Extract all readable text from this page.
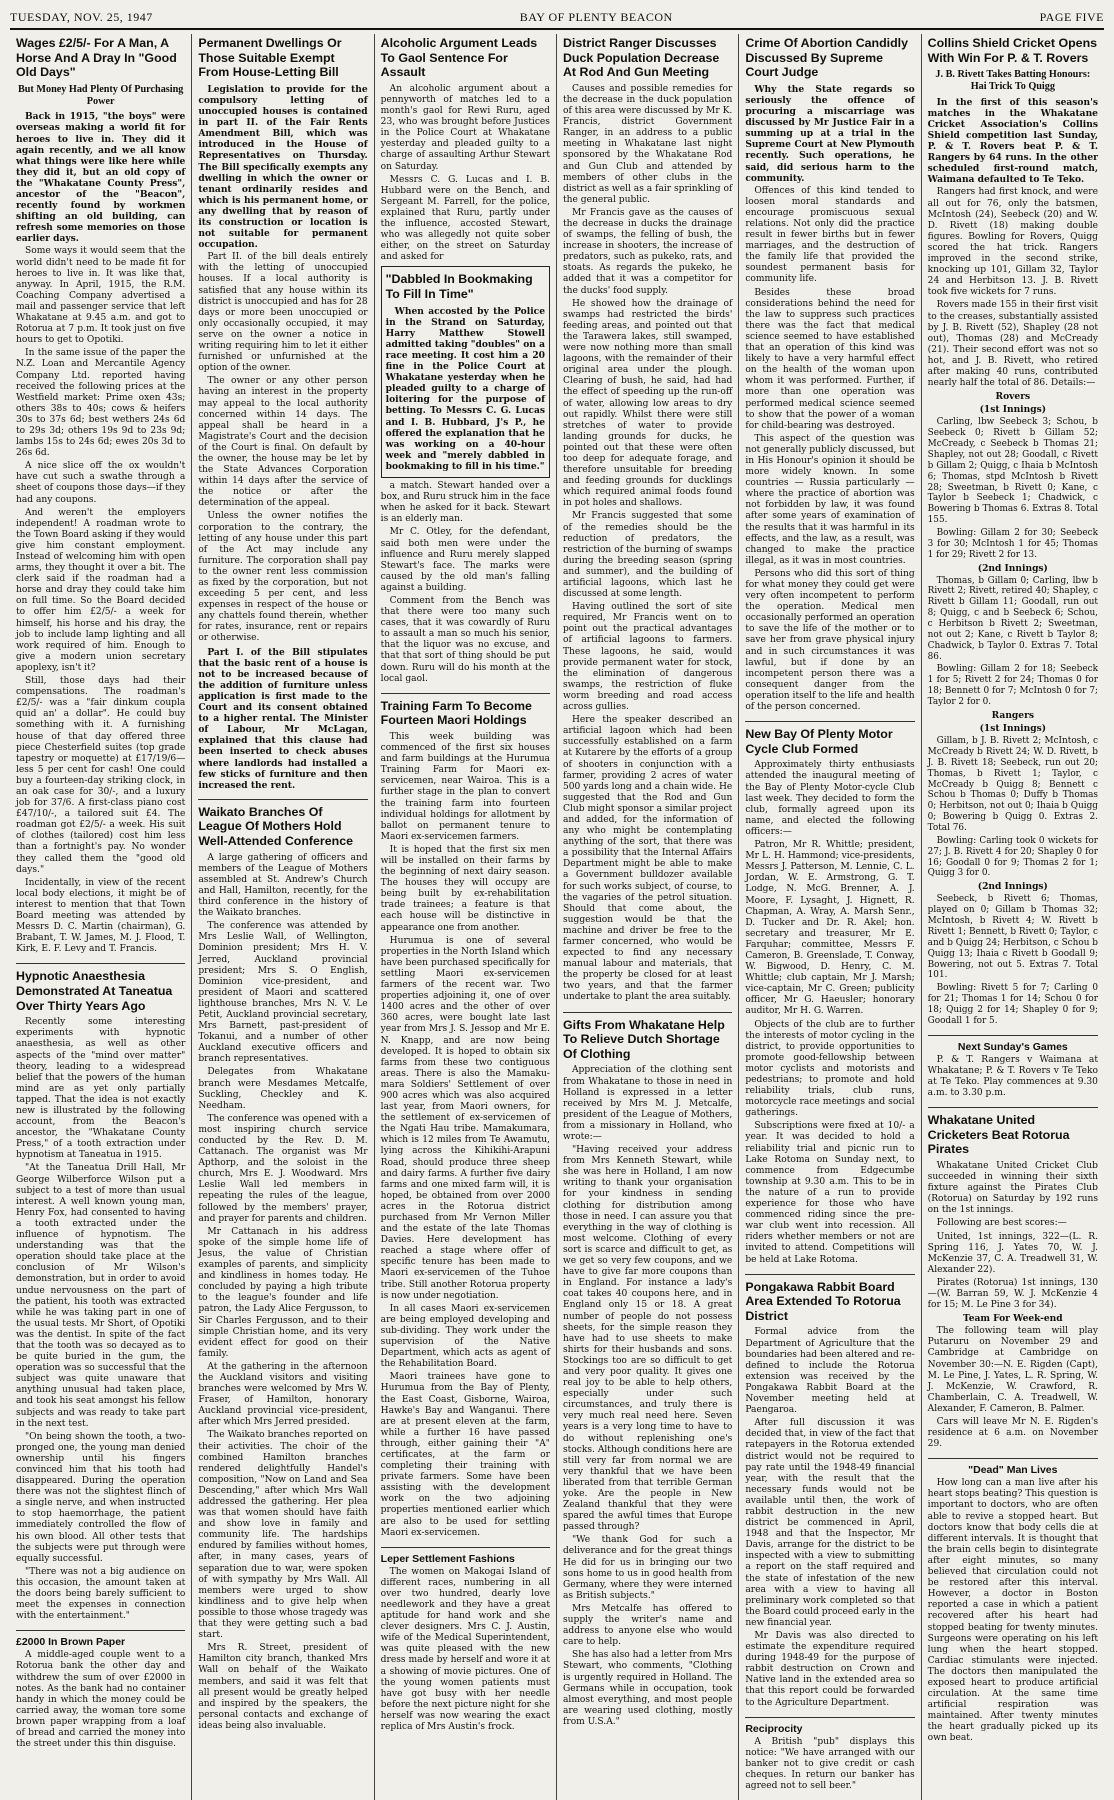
TUESDAY, NOV. 25, 1947	BAY OF PLENTY BEACON	PAGE FIVE
Wages £2/5/- For A Man, A Horse And A Dray In "Good Old Days"
But Money Had Plenty Of Purchasing Power

Back in 1915, "the boys" were overseas making a world fit for heroes to live in. They did it again recently, and we all know what things were like here while they did it, but an old copy of the "Whakatane County Press", ancestor of the "Beacon", recently found by workmen shifting an old building, can refresh some memories on those earlier days.

Some ways it would seem that the world didn't need to be made fit for heroes to live in. It was like that, anyway. In April, 1915, the R.M. Coaching Company advertised a mail and passenger service that left Whakatane at 9.45 a.m. and got to Rotorua at 7 p.m. It took just on five hours to get to Opotiki.

In the same issue of the paper the N.Z. Loan and Mercantile Agency Company Ltd. reported having received the following prices at the Westfield market: Prime oxen 43s; others 38s to 40s; cows & heifers 30s to 37s 6d; best wethers 24s 6d to 29s 3d; others 19s 9d to 23s 9d; lambs 15s to 24s 6d; ewes 20s 3d to 26s 6d.

A nice slice off the ox wouldn't have cut such a swathe through a sheet of coupons those days—if they had any coupons.

And weren't the employers independent! A roadman wrote to the Town Board asking if they would give him constant employment. Instead of welcoming him with open arms, they thought it over a bit. The clerk said if the roadman had a horse and dray they could take him on full time. So the Board decided to offer him £2/5/- a week for himself, his horse and his dray, the job to include lamp lighting and all work required of him. Enough to give a modern union secretary apoplexy, isn't it?

Still, those days had their compensations. The roadman's £2/5/- was a "fair dinkum coupla quid an' a dollar". He could buy something with it. A furnishing house of that day offered three piece Chesterfield suites (top grade tapestry or moquette) at £17/19/6—less 5 per cent for cash! One could buy a fourteen-day striking clock, in an oak case for 30/-, and a luxury job for 37/6. A first-class piano cost £47/10/-, a tailored suit £4. The roadman got £2/5/- a week. His suit of clothes (tailored) cost him less than a fortnight's pay. No wonder they called them the "good old days."

Incidentally, in view of the recent local body elections, it might be of interest to mention that that Town Board meeting was attended by Messrs D. C. Martin (chairman), G. Brabant, T. W. James, M. J. Flood, T. Kirk, E. F. Levy and T. Francis.

Hypnotic Anaesthesia Demonstrated At Taneatua Over Thirty Years Ago

Recently some interesting experiments with hypnotic anaesthesia, as well as other aspects of the "mind over matter" theory, leading to a widespread belief that the powers of the human mind are as yet only partially tapped. That the idea is not exactly new is illustrated by the following account, from the Beacon's ancestor, the "Whakatane County Press," of a tooth extraction under hypnotism at Taneatua in 1915.

"At the Taneatua Drill Hall, Mr George Wilberforce Wilson put a subject to a test of more than usual interest. A well known young man, Henry Fox, had consented to having a tooth extracted under the influence of hypnotism. The understanding was that the operation should take place at the conclusion of Mr Wilson's demonstration, but in order to avoid undue nervousness on the part of the patient, his tooth was extracted while he was taking part in one of the usual tests. Mr Short, of Opotiki was the dentist. In spite of the fact that the tooth was so decayed as to be quite buried in the gum, the operation was so successful that the subject was quite unaware that anything unusual had taken place, and took his seat amongst his fellow subjects and was ready to take part in the next test.

"On being shown the tooth, a two-pronged one, the young man denied ownership until his fingers convinced him that his tooth had disappeared. During the operation there was not the slightest flinch of a single nerve, and when instructed to stop haemorrhage, the patient immediately controlled the flow of his own blood. All other tests that the subjects were put through were equally successful.

"There was not a big audience on this occasion, the amount taken at the doors being barely sufficient to meet the expenses in connection with the entertainment."

£2000 In Brown Paper

A middle-aged couple went to a Rotorua bank the other day and withdrew the sum of over £2000 in notes. As the bank had no container handy in which the money could be carried away, the woman tore some brown paper wrapping from a loaf of bread and carried the money into the street under this thin disguise.

Permanent Dwellings Or Those Suitable Exempt From House-Letting Bill

Legislation to provide for the compulsory letting of unoccupied houses is contained in part II. of the Fair Rents Amendment Bill, which was introduced in the House of Representatives on Thursday. The Bill specifically exempts any dwelling in which the owner or tenant ordinarily resides and which is his permanent home, or any dwelling that by reason of its construction or location is not suitable for permanent occupation.

Part II. of the bill deals entirely with the letting of unoccupied houses. If a local authority is satisfied that any house within its district is unoccupied and has for 28 days or more been unoccupied or only occasionally occupied, it may serve on the owner a notice in writing requiring him to let it either furnished or unfurnished at the option of the owner.

The owner or any other person having an interest in the property may appeal to the local authority concerned within 14 days. The appeal shall be heard in a Magistrate's Court and the decision of the Court is final. On default by the owner, the house may be let by the State Advances Corporation within 14 days after the service of the notice or after the determination of the appeal.

Unless the owner notifies the corporation to the contrary, the letting of any house under this part of the Act may include any furniture. The corporation shall pay to the owner rent less commission as fixed by the corporation, but not exceeding 5 per cent, and less expenses in respect of the house or any chattels found therein, whether for rates, insurance, rent or repairs or otherwise.

Part I. of the Bill stipulates that the basic rent of a house is not to be increased because of the addition of furniture unless application is first made to the Court and its consent obtained to a higher rental. The Minister of Labour, Mr McLagan, explained that this clause had been inserted to check abuses where landlords had installed a few sticks of furniture and then increased the rent.

Waikato Branches Of League Of Mothers Hold Well-Attended Conference

A large gathering of officers and members of the League of Mothers assembled at St. Andrew's Church and Hall, Hamilton, recently, for the third conference in the history of the Waikato branches.

The conference was attended by Mrs Leslie Wall, of Wellington, Dominion president; Mrs H. V. Jerred, Auckland provincial president; Mrs S. O English, Dominion vice-president, and president of Maori and scattered lighthouse branches, Mrs N. V. Le Petit, Auckland provincial secretary, Mrs Barnett, past-president of Tokanui, and a number of other Auckland executive officers and branch representatives.

Delegates from Whakatane branch were Mesdames Metcalfe, Suckling, Checkley and K. Needham.

The conference was opened with a most inspiring church service conducted by the Rev. D. M. Cattanach. The organist was Mr Apthorp, and the soloist in the church, Mrs E. J. Woodward. Mrs Leslie Wall led members in repeating the rules of the league, followed by the members' prayer, and prayer for parents and children.

Mr Cattanach in his address spoke of the simple home life of Jesus, the value of Christian examples of parents, and simplicity and kindliness in homes today. He concluded by paying a high tribute to the league's founder and life patron, the Lady Alice Fergusson, to Sir Charles Fergusson, and to their simple Christian home, and its very evident effect for good on their family.

At the gathering in the afternoon the Auckland visitors and visiting branches were welcomed by Mrs W. Fraser, of Hamilton, honorary Auckland provincial vice-president, after which Mrs Jerred presided.

The Waikato branches reported on their activities. The choir of the combined Hamilton branches rendered delightfully Handel's composition, "Now on Land and Sea Descending," after which Mrs Wall addressed the gathering. Her plea was that women should have faith and show love in family and community life. The hardships endured by families without homes, after, in many cases, years of separation due to war, were spoken of with sympathy by Mrs Wall. All members were urged to show kindliness and to give help when possible to those whose tragedy was that they were getting such a bad start.

Mrs R. Street, president of Hamilton city branch, thanked Mrs Wall on behalf of the Waikato members, and said it was felt that all present would be greatly helped and inspired by the speakers, the personal contacts and exchange of ideas being also invaluable.

Alcoholic Argument Leads To Gaol Sentence For Assault

An alcoholic argument about a pennyworth of matches led to a month's gaol for Rewi Ruru, aged 23, who was brought before Justices in the Police Court at Whakatane yesterday and pleaded guilty to a charge of assaulting Arthur Stewart on Saturday.

Messrs C. G. Lucas and I. B. Hubbard were on the Bench, and Sergeant M. Farrell, for the police, explained that Ruru, partly under the influence, accosted Stewart, who was allegedly not quite sober either, on the street on Saturday and asked for

"Dabbled In Bookmaking To Fill In Time"

When accosted by the Police in the Strand on Saturday, Harry Matthew Stowell admitted taking "doubles" on a race meeting. It cost him a 20 fine in the Police Court at Whakatane yesterday when he pleaded guilty to a charge of loitering for the purpose of betting. To Messrs C. G. Lucas and I. B. Hubbard, J's P., he offered the explanation that he was working on a 40-hour week and "merely dabbled in bookmaking to fill in his time."

a match. Stewart handed over a box, and Ruru struck him in the face when he asked for it back. Stewart is an elderly man.

Mr C. Otley, for the defendant, said both men were under the influence and Ruru merely slapped Stewart's face. The marks were caused by the old man's falling against a building.

Comment from the Bench was that there were too many such cases, that it was cowardly of Ruru to assault a man so much his senior, that the liquor was no excuse, and that that sort of thing should be put down. Ruru will do his month at the local gaol.

Training Farm To Become Fourteen Maori Holdings

This week building was commenced of the first six houses and farm buildings at the Hurumua Training Farm for Maori ex-servicemen, near Wairoa. This is a further stage in the plan to convert the training farm into fourteen individual holdings for allotment by ballot on permanent tenure to Maori ex-servicemen farmers.

It is hoped that the first six men will be installed on their farms by the beginning of next dairy season. The houses they will occupy are being built by ex-rehabilitation trade trainees; a feature is that each house will be distinctive in appearance one from another.

Hurumua is one of several properties in the North Island which have been purchased specifically for settling Maori ex-servicemen farmers of the recent war. Two properties adjoining it, one of over 1400 acres and the other of over 360 acres, were bought late last year from Mrs J. S. Jessop and Mr E. N. Knapp, and are now being developed. It is hoped to obtain six farms from these two contiguous areas. There is also the Mamaku-mara Soldiers' Settlement of over 900 acres which was also acquired last year, from Maori owners, for the settlement of ex-servicemen of the Ngati Hau tribe. Mamakumara, which is 12 miles from Te Awamutu, lying across the Kihikihi-Arapuni Road, should produce three sheep and dairy farms. A further five dairy farms and one mixed farm will, it is hoped, be obtained from over 2000 acres in the Rotorua district purchased from Mr Vernon Miller and the estate of the late Thomas Davies. Here development has reached a stage where offer of specific tenure has been made to Maori ex-servicemen of the Tuhoe tribe. Still another Rotorua property is now under negotiation.

In all cases Maori ex-servicemen are being employed developing and sub-dividing. They work under the supervision of the Native Department, which acts as agent of the Rehabilitation Board.

Maori trainees have gone to Hurumua from the Bay of Plenty, the East Coast, Gisborne, Wairoa, Hawke's Bay and Wanganui. There are at present eleven at the farm, while a further 16 have passed through, either gaining their "A" certificates, at the farm or completing their training with private farmers. Some have been assisting with the development work on the two adjoining properties mentioned earlier which are also to be used for settling Maori ex-servicemen.

Leper Settlement Fashions

The women on Makogai Island of different races, numbering in all over two hundred, dearly love needlework and they have a great aptitude for hand work and she clever designers. Mrs C. J. Austin, wife of the Medical Superintendent, was quite pleased with the new dress made by herself and wore it at a showing of movie pictures. One of the young women patients must have got busy with her needle before the next picture night for she herself was now wearing the exact replica of Mrs Austin's frock.

District Ranger Discusses Duck Population Decrease At Rod And Gun Meeting

Causes and possible remedies for the decrease in the duck population of this area were discussed by Mr K. Francis, district Government Ranger, in an address to a public meeting in Whakatane last night sponsored by the Whakatane Rod and Gun Club and attended by members of other clubs in the district as well as a fair sprinkling of the general public.

Mr Francis gave as the causes of the decrease in ducks the drainage of swamps, the felling of bush, the increase in shooters, the increase of predators, such as pukeko, rats, and stoats. As regards the pukeko, he added that it was a competitor for the ducks' food supply.

He showed how the drainage of swamps had restricted the birds' feeding areas, and pointed out that the Tarawera lakes, still swamped, were now nothing more than small lagoons, with the remainder of their original area under the plough. Clearing of bush, he said, had had the effect of speeding up the run-off of water, allowing low areas to dry out rapidly. Whilst there were still stretches of water to provide landing grounds for ducks, he pointed out that these were often too deep for adequate forage, and therefore unsuitable for breeding and feeding grounds for ducklings which required animal foods found in pot holes and shallows.

Mr Francis suggested that some of the remedies should be the reduction of predators, the restriction of the burning of swamps during the breeding season (spring and summer), and the building of artificial lagoons, which last he discussed at some length.

Having outlined the sort of site required, Mr Francis went on to point out the practical advantages of artificial lagoons to farmers. These lagoons, he said, would provide permanent water for stock, the elimination of dangerous swamps, the restriction of fluke worm breeding and road access across gullies.

Here the speaker described an artificial lagoon which had been successfully established on a farm at Kutarere by the efforts of a group of shooters in conjunction with a farmer, providing 2 acres of water 500 yards long and a chain wide. He suggested that the Rod and Gun Club might sponsor a similar project and added, for the information of any who might be contemplating anything of the sort, that there was a possibility that the Internal Affairs Department might be able to make a Government bulldozer available for such works subject, of course, to the vagaries of the petrol situation. Should that come about, the suggestion would be that the machine and driver be free to the farmer concerned, who would be expected to find any necessary manual labour and materials, that the property be closed for at least two years, and that the farmer undertake to plant the area suitably.

Gifts From Whakatane Help To Relieve Dutch Shortage Of Clothing

Appreciation of the clothing sent from Whakatane to those in need in Holland is expressed in a letter received by Mrs M. J. Metcalfe, president of the League of Mothers, from a missionary in Holland, who wrote:—

"Having received your address from Mrs Kenneth Stewart, while she was here in Holland, I am now writing to thank your organisation for your kindness in sending clothing for distribution among those in need. I can assure you that everything in the way of clothing is most welcome. Clothing of every sort is scarce and difficult to get, as we get so very few coupons, and we have to give far more coupons than in England. For instance a lady's coat takes 40 coupons here, and in England only 15 or 18. A great number of people do not possess sheets, for the simple reason they have had to use sheets to make shirts for their husbands and sons. Stockings too are so difficult to get and very poor quality. It gives one real joy to be able to help others, especially under such circumstances, and truly there is very much real need here. Seven years is a very long time to have to do without replenishing one's stocks. Although conditions here are still very far from normal we are very thankful that we have been liberated from that terrible German yoke. Are the people in New Zealand thankful that they were spared the awful times that Europe passed through?

"We thank God for such a deliverance and for the great things He did for us in bringing our two sons home to us in good health from Germany, where they were interned as British subjects."

Mrs Metcalfe has offered to supply the writer's name and address to anyone else who would care to help.

She has also had a letter from Mrs Stewart, who comments, "Clothing is urgently required in Holland. The Germans while in occupation, took almost everything, and most people are wearing used clothing, mostly from U.S.A."

Crime Of Abortion Candidly Discussed By Supreme Court Judge

Why the State regards so seriously the offence of procuring a miscarriage was discussed by Mr Justice Fair in a summing up at a trial in the Supreme Court at New Plymouth recently. Such operations, he said, did serious harm to the community.

Offences of this kind tended to loosen moral standards and encourage promiscuous sexual relations. Not only did the practice result in fewer births but in fewer marriages, and the destruction of the family life that provided the soundest permanent basis for community life.

Besides these broad considerations behind the need for the law to suppress such practices there was the fact that medical science seemed to have established that an operation of this kind was likely to have a very harmful effect on the health of the woman upon whom it was performed. Further, if more than one operation was performed medical science seemed to show that the power of a woman for child-bearing was destroyed.

This aspect of the question was not generally publicly discussed, but in His Honour's opinion it should be more widely known. In some countries — Russia particularly — where the practice of abortion was not forbidden by law, it was found after some years of examination of the results that it was harmful in its effects, and the law, as a result, was changed to make the practice illegal, as it was in most countries.

Persons who did this sort of thing for what money they could get were very often incompetent to perform the operation. Medical men occasionally performed an operation to save the life of the mother or to save her from grave physical injury and in such circumstances it was lawful, but if done by an incompetent person there was a consequent danger from the operation itself to the life and health of the person concerned.

New Bay Of Plenty Motor Cycle Club Formed

Approximately thirty enthusiasts attended the inaugural meeting of the Bay of Plenty Motor-cycle Club last week. They decided to form the club, formally agreed upon its name, and elected the following officers:—

Patron, Mr R. Whittle; president, Mr L. H. Hammond; vice-presidents, Messrs J. Patterson, M. Lennie, C. L. Jordan, W. E. Armstrong, G. T. Lodge, N. McG. Brenner, A. J. Moore, F. Lysaght, J. Hignett, R. Chapman, A. Wray, A. Marsh Senr., D. Tucker and Dr. R. Akel; hon. secretary and treasurer, Mr E. Farquhar; committee, Messrs F. Cameron, B. Greenslade, T. Conway, W. Bigwood, D. Henry, C. M. Whittle; club captain, Mr J. Marsh; vice-captain, Mr C. Green; publicity officer, Mr G. Haeusler; honorary auditor, Mr H. G. Warren.

Objects of the club are to further the interests of motor cycling in the district, to provide opportunities to promote good-fellowship between motor cyclists and motorists and pedestrians; to promote and hold reliability trials, club runs, motorcycle race meetings and social gatherings.

Subscriptions were fixed at 10/- a year. It was decided to hold a reliability trial and picnic run to Lake Rotoma on Sunday next, to commence from Edgecumbe township at 9.30 a.m. This to be in the nature of a run to provide experience for those who have commenced riding since the pre-war club went into recession. All riders whether members or not are invited to attend. Competitions will be held at Lake Rotoma.

Pongakawa Rabbit Board Area Extended To Rotorua District

Formal advice from the Department of Agriculture that the boundaries had been altered and re-defined to include the Rotorua extension was received by the Pongakawa Rabbit Board at the November meeting held at Paengaroa.

After full discussion it was decided that, in view of the fact that ratepayers in the Rotorua extended district would not be required to pay rate until the 1948-49 financial year, with the result that the necessary funds would not be available until then, the work of rabbit destruction in the new district be commenced in April, 1948 and that the Inspector, Mr Davis, arrange for the district to be inspected with a view to submitting a report on the staff required and the state of infestation of the new area with a view to having all preliminary work completed so that the Board could proceed early in the new financial year.

Mr Davis was also directed to estimate the expenditure required during 1948-49 for the purpose of rabbit destruction on Crown and Native land in the extended area so that this report could be forwarded to the Agriculture Department.

Reciprocity

A British "pub" displays this notice: "We have arranged with our banker not to give credit or cash cheques. In return our banker has agreed not to sell beer."

Collins Shield Cricket Opens With Win For P. & T. Rovers
J. B. Rivett Takes Batting Honours: Hai Trick To Quigg

In the first of this season's matches in the Whakatane Cricket Association's Collins Shield competition last Sunday, P. & T. Rovers beat P. & T. Rangers by 64 runs. In the other scheduled first-round match, Waimana defaulted to Te Teko.

Rangers had first knock, and were all out for 76, only the batsmen, McIntosh (24), Seebeck (20) and W. D. Rivett (18) making double figures. Bowling for Rovers, Quigg scored the hat trick. Rangers improved in the second strike, knocking up 101, Gillam 32, Taylor 24 and Herbitson 13. J. B. Rivett took five wickets for 7 runs.

Rovers made 155 in their first visit to the creases, substantially assisted by J. B. Rivett (52), Shapley (28 not out), Thomas (28) and McCready (21). Their second effort was not so hot, and J. B. Rivett, who retired after making 40 runs, contributed nearly half the total of 86. Details:—

Rovers

(1st Innings)

Carling, lbw Seebeck 3; Schou, b Seebeck 0; Rivett b Gillam 52; McCready, c Seebeck b Thomas 21; Shapley, not out 28; Goodall, c Rivett b Gillam 2; Quigg, c Ihaia b McIntosh 6; Thomas, stpd McIntosh b Rivett 28; Sweetman, b Rivett 0; Kane, c Taylor b Seebeck 1; Chadwick, c Bowering b Thomas 6. Extras 8. Total 155.

Bowling: Gillam 2 for 30; Seebeck 3 for 30; McIntosh 1 for 45; Thomas 1 for 29; Rivett 2 for 13.

(2nd Innings)

Thomas, b Gillam 0; Carling, lbw b Rivett 2; Rivett, retired 40; Shapley, c Rivett b Gillam 11; Goodall, run out 8; Quigg, c and b Seebeck 6; Schou, c Herbitson b Rivett 2; Sweetman, not out 2; Kane, c Rivett b Taylor 8; Chadwick, b Taylor 0. Extras 7. Total 86.

Bowling: Gillam 2 for 18; Seebeck 1 for 5; Rivett 2 for 24; Thomas 0 for 18; Bennett 0 for 7; McIntosh 0 for 7; Taylor 2 for 0.

Rangers

(1st Innings)

Gillam, b J. B. Rivett 2; McIntosh, c McCready b Rivett 24; W. D. Rivett, b J. B. Rivett 18; Seebeck, run out 20; Thomas, b Rivett 1; Taylor, c McCready b Quigg 8; Bennett c Schou b Thomas 0; Duffy b Thomas 0; Herbitson, not out 0; Ihaia b Quigg 0; Bowering b Quigg 0. Extras 2. Total 76.

Bowling: Carling took 0 wickets for 27; J. B. Rivett 4 for 20; Shapley 0 for 16; Goodall 0 for 9; Thomas 2 for 1; Quigg 3 for 0.

(2nd Innings)

Seebeck, b Rivett 6; Thomas, played on 0; Gillam b Thomas 32; McIntosh, b Rivett 4; W. Rivett b Rivett 1; Bennett, b Rivett 0; Taylor, c and b Quigg 24; Herbitson, c Schou b Quigg 13; Ihaia c Rivett b Goodall 9; Bowering, not out 5. Extras 7. Total 101.

Bowling: Rivett 5 for 7; Carling 0 for 21; Thomas 1 for 14; Schou 0 for 18; Quigg 2 for 14; Shapley 0 for 9; Goodall 1 for 5.

Next Sunday's Games

P. & T. Rangers v Waimana at Whakatane; P. & T. Rovers v Te Teko at Te Teko. Play commences at 9.30 a.m. to 3.30 p.m.

Whakatane United Cricketers Beat Rotorua Pirates

Whakatane United Cricket Club succeeded in winning their sixth fixture against the Pirates Club (Rotorua) on Saturday by 192 runs on the 1st innings.

Following are best scores:—

United, 1st innings, 322—(L. R. Spring 116, J. Yates 70, W. J. McKenzie 37, C. A. Treadwell 31, W. Alexander 22).

Pirates (Rotorua) 1st innings, 130 —(W. Barran 59, W. J. McKenzie 4 for 15; M. Le Pine 3 for 34).

Team For Week-end

The following team will play Putaruru on November 29 and Cambridge at Cambridge on November 30:—N. E. Rigden (Capt), M. Le Pine, J. Yates, L. R. Spring, W. J. McKenzie, W. Crawford, R. Chamberlain, C. A. Treadwell, W. Alexander, F. Cameron, B. Palmer.

Cars will leave Mr N. E. Rigden's residence at 6 a.m. on November 29.

"Dead" Man Lives

How long can a man live after his heart stops beating? This question is important to doctors, who are often able to revive a stopped heart. But doctors know that body cells die at different intervals. It is thought that the brain cells begin to disintegrate after eight minutes, so many believed that circulation could not be restored after this interval. However, a doctor in Boston reported a case in which a patient recovered after his heart had stopped beating for twenty minutes. Surgeons were operating on his left lung when the heart stopped. Cardiac stimulants were injected. The doctors then manipulated the exposed heart to produce artificial circulation. At the same time artificial respiration was maintained. After twenty minutes the heart gradually picked up its own beat.
